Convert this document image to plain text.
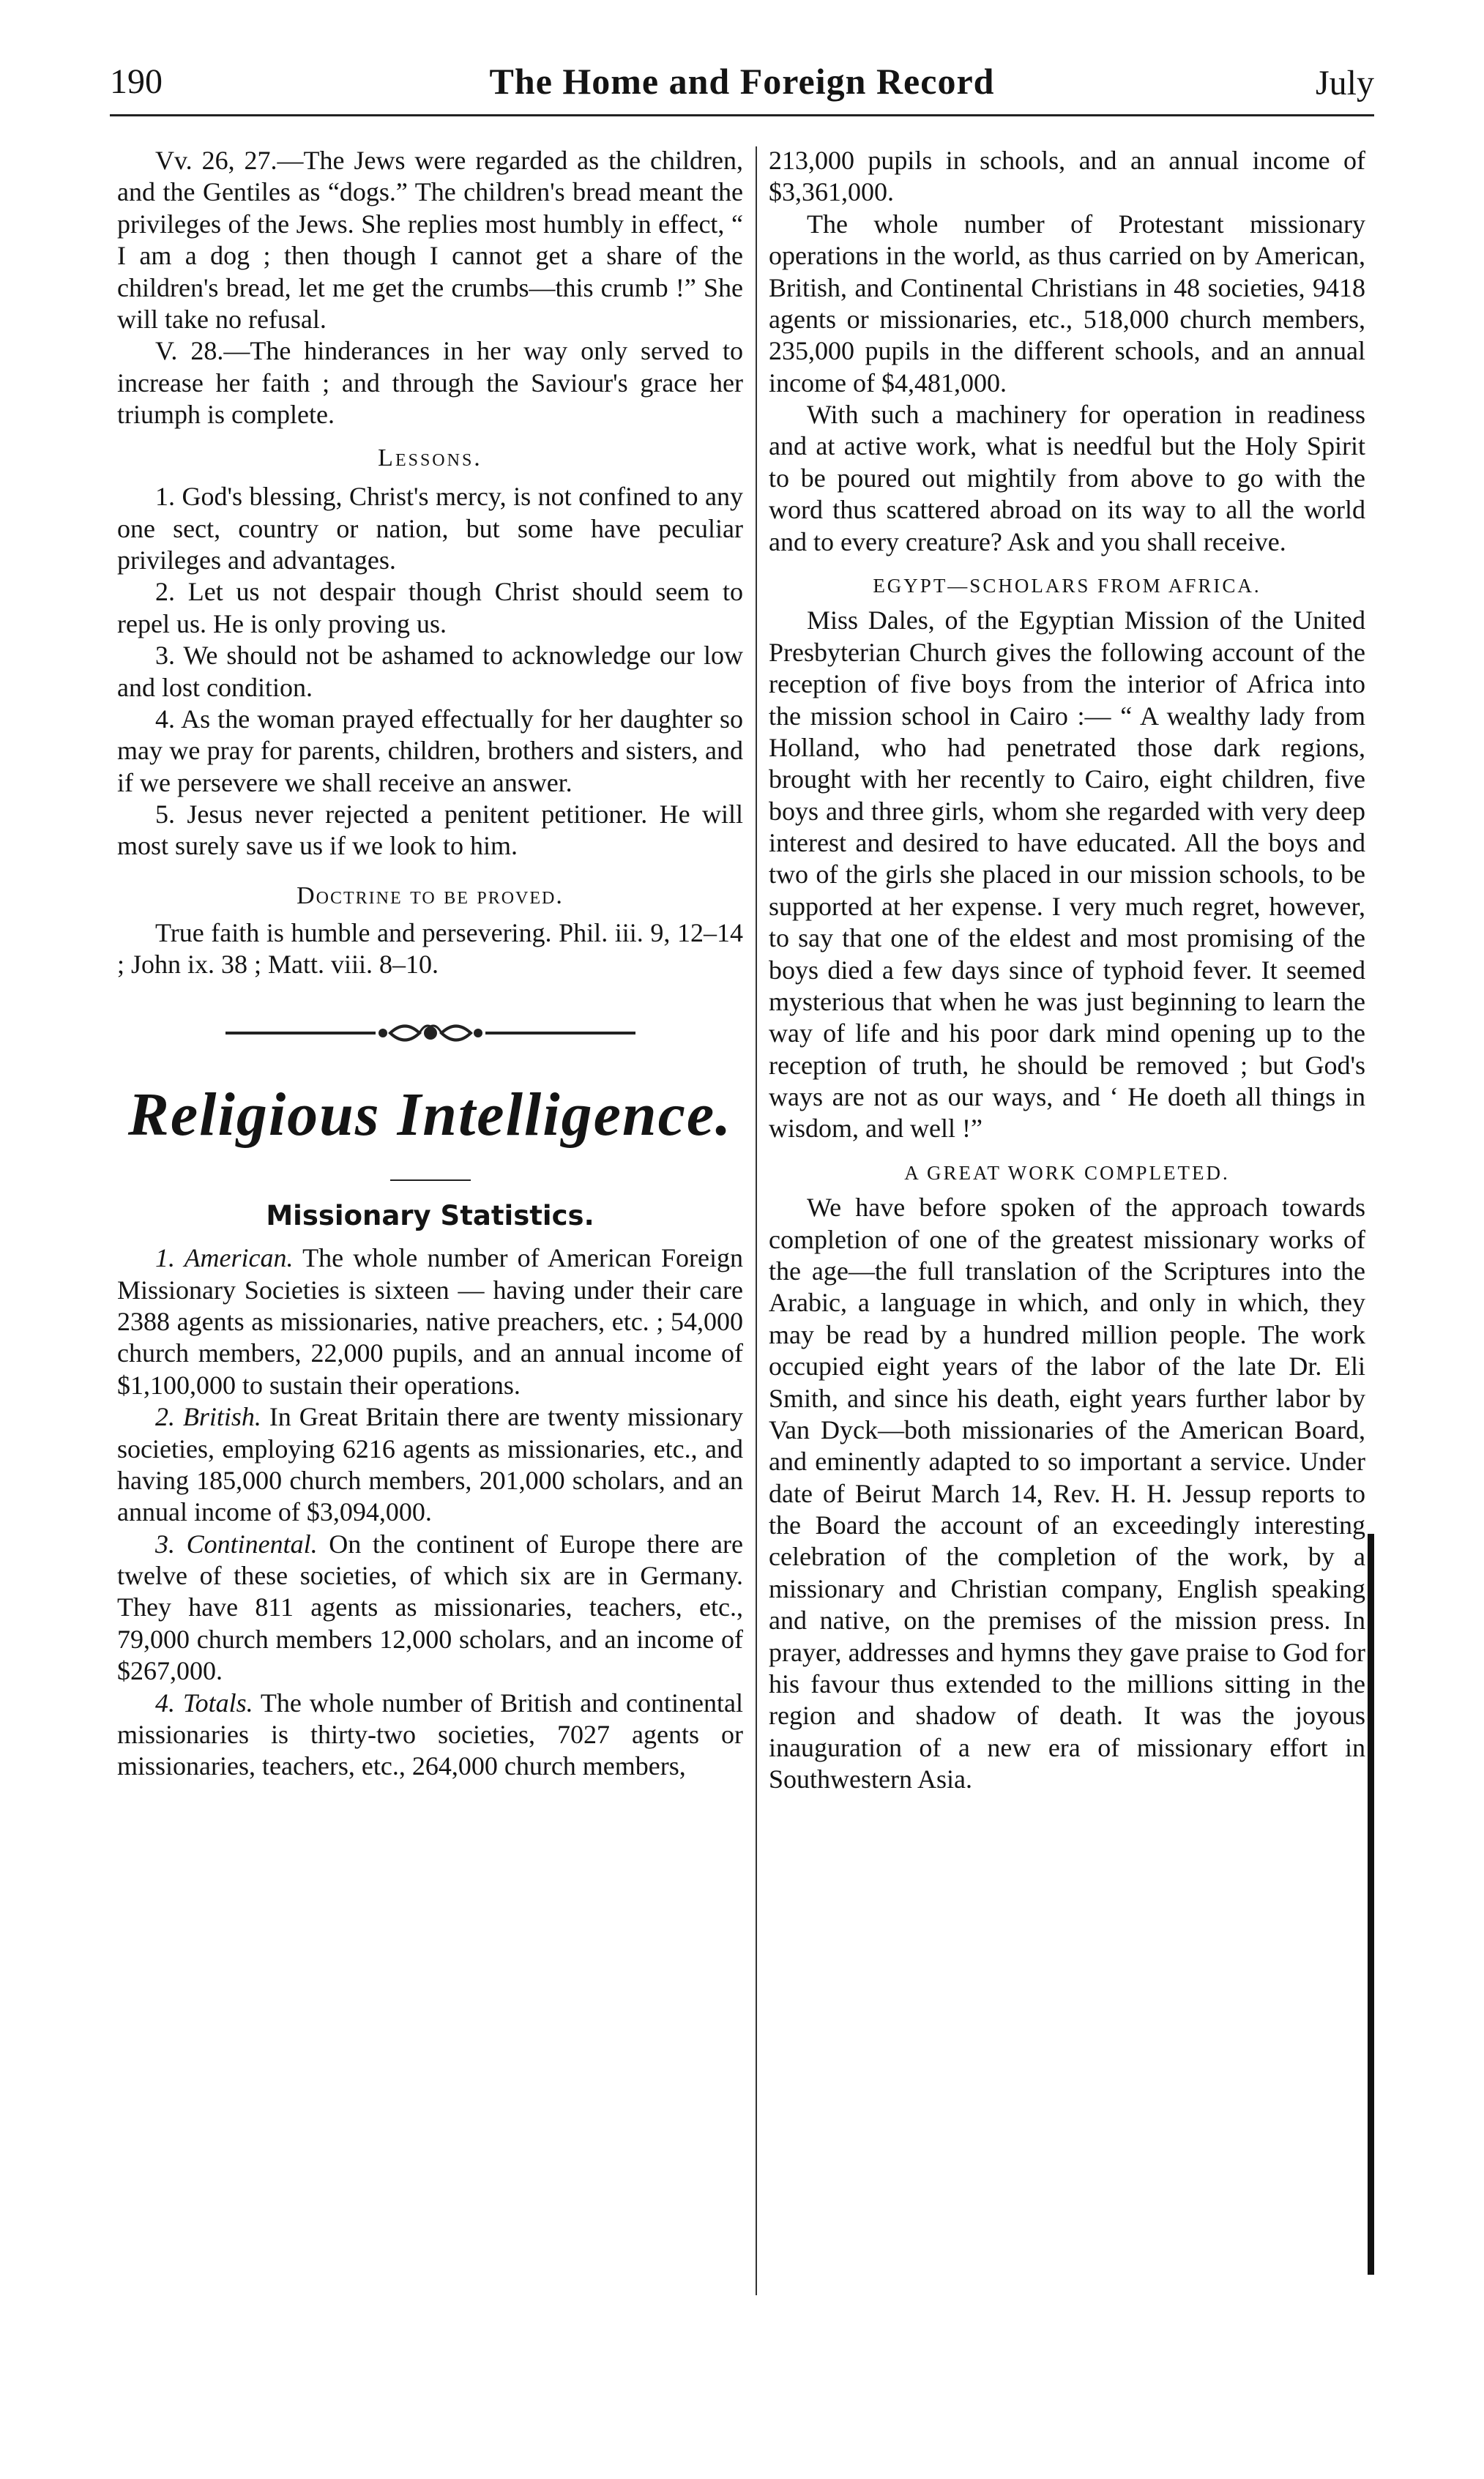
190	The Home and Foreign Record	July

Vv. 26, 27.—The Jews were regarded as the children, and the Gentiles as “dogs.” The children's bread meant the privileges of the Jews. She replies most humbly in effect, “ I am a dog ; then though I cannot get a share of the children's bread, let me get the crumbs—this crumb !” She will take no refusal.

V. 28.—The hinderances in her way only served to increase her faith ; and through the Saviour's grace her triumph is complete.

Lessons.

1. God's blessing, Christ's mercy, is not confined to any one sect, country or nation, but some have peculiar privileges and advantages.

2. Let us not despair though Christ should seem to repel us. He is only proving us.

3. We should not be ashamed to acknowledge our low and lost condition.

4. As the woman prayed effectually for her daughter so may we pray for parents, children, brothers and sisters, and if we persevere we shall receive an answer.

5. Jesus never rejected a penitent petitioner. He will most surely save us if we look to him.

Doctrine to be proved.

True faith is humble and persevering. Phil. iii. 9, 12–14 ; John ix. 38 ; Matt. viii. 8–10.

Religious Intelligence.
Missionary Statistics.

1. American. The whole number of American Foreign Missionary Societies is sixteen — having under their care 2388 agents as missionaries, native preachers, etc. ; 54,000 church members, 22,000 pupils, and an annual income of $1,100,000 to sustain their operations.

2. British. In Great Britain there are twenty missionary societies, employing 6216 agents as missionaries, etc., and having 185,000 church members, 201,000 scholars, and an annual income of $3,094,000.

3. Continental. On the continent of Europe there are twelve of these societies, of which six are in Germany. They have 811 agents as missionaries, teachers, etc., 79,000 church members 12,000 scholars, and an income of $267,000.

4. Totals. The whole number of British and continental missionaries is thirty-two societies, 7027 agents or missionaries, teachers, etc., 264,000 church members,

213,000 pupils in schools, and an annual income of $3,361,000.

The whole number of Protestant missionary operations in the world, as thus carried on by American, British, and Continental Christians in 48 societies, 9418 agents or missionaries, etc., 518,000 church members, 235,000 pupils in the different schools, and an annual income of $4,481,000.

With such a machinery for operation in readiness and at active work, what is needful but the Holy Spirit to be poured out mightily from above to go with the word thus scattered abroad on its way to all the world and to every creature? Ask and you shall receive.

EGYPT—SCHOLARS FROM AFRICA.

Miss Dales, of the Egyptian Mission of the United Presbyterian Church gives the following account of the reception of five boys from the interior of Africa into the mission school in Cairo :— “ A wealthy lady from Holland, who had penetrated those dark regions, brought with her recently to Cairo, eight children, five boys and three girls, whom she regarded with very deep interest and desired to have educated. All the boys and two of the girls she placed in our mission schools, to be supported at her expense. I very much regret, however, to say that one of the eldest and most promising of the boys died a few days since of typhoid fever. It seemed mysterious that when he was just beginning to learn the way of life and his poor dark mind opening up to the reception of truth, he should be removed ; but God's ways are not as our ways, and ‘ He doeth all things in wisdom, and well !”

A GREAT WORK COMPLETED.

We have before spoken of the approach towards completion of one of the greatest missionary works of the age—the full translation of the Scriptures into the Arabic, a language in which, and only in which, they may be read by a hundred million people. The work occupied eight years of the labor of the late Dr. Eli Smith, and since his death, eight years further labor by Van Dyck—both missionaries of the American Board, and eminently adapted to so important a service. Under date of Beirut March 14, Rev. H. H. Jessup reports to the Board the account of an exceedingly interesting celebration of the completion of the work, by a missionary and Christian company, English speaking and native, on the premises of the mission press. In prayer, addresses and hymns they gave praise to God for his favour thus extended to the millions sitting in the region and shadow of death. It was the joyous inauguration of a new era of missionary effort in Southwestern Asia.
